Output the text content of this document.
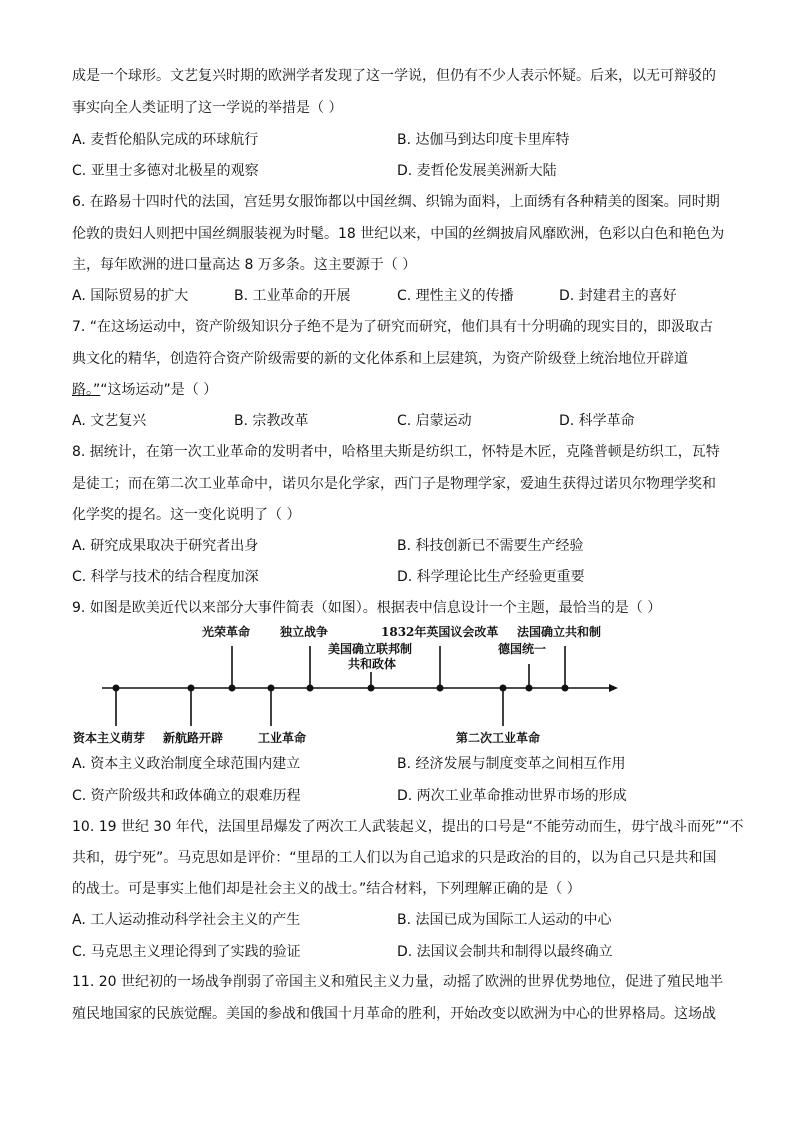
成是一个球形。文艺复兴时期的欧洲学者发现了这一学说，但仍有不少人表示怀疑。后来，以无可辩驳的
事实向全人类证明了这一学说的举措是（ ）
A. 麦哲伦船队完成的环球航行	B. 达伽马到达印度卡里库特
C. 亚里士多德对北极星的观察	D. 麦哲伦发展美洲新大陆
6. 在路易十四时代的法国，宫廷男女服饰都以中国丝绸、织锦为面料，上面绣有各种精美的图案。同时期
伦敦的贵妇人则把中国丝绸服装视为时髦。18 世纪以来，中国的丝绸披肩风靡欧洲，色彩以白色和艳色为
主，每年欧洲的进口量高达 8 万多条。这主要源于（ ）
A. 国际贸易的扩大	B. 工业革命的开展	C. 理性主义的传播	D. 封建君主的喜好
7. “在这场运动中，资产阶级知识分子绝不是为了研究而研究，他们具有十分明确的现实目的，即汲取古
典文化的精华，创造符合资产阶级需要的新的文化体系和上层建筑，为资产阶级登上统治地位开辟道
路。”“这场运动”是（ ）
A. 文艺复兴	B. 宗教改革	C. 启蒙运动	D. 科学革命
8. 据统计，在第一次工业革命的发明者中，哈格里夫斯是纺织工，怀特是木匠，克隆普顿是纺织工，瓦特
是徒工；而在第二次工业革命中，诺贝尔是化学家，西门子是物理学家，爱迪生获得过诺贝尔物理学奖和
化学奖的提名。这一变化说明了（ ）
A. 研究成果取决于研究者出身	B. 科技创新已不需要生产经验
C. 科学与技术的结合程度加深	D. 科学理论比生产经验更重要
9. 如图是欧美近代以来部分大事件简表（如图）。根据表中信息设计一个主题，最恰当的是（ ）
光荣革命 独立战争
美国确立联邦制
共和政体
1832年英国议会改革 法国确立共和制
德国统一
资本主义萌芽 新航路开辟	工业革命	第二次工业革命
A. 资本主义政治制度全球范围内建立	B. 经济发展与制度变革之间相互作用
C. 资产阶级共和政体确立的艰难历程	D. 两次工业革命推动世界市场的形成
10. 19 世纪 30 年代，法国里昂爆发了两次工人武装起义，提出的口号是“不能劳动而生，毋宁战斗而死”“不
共和，毋宁死”。马克思如是评价：“里昂的工人们以为自己追求的只是政治的目的，以为自己只是共和国
的战士。可是事实上他们却是社会主义的战士。”结合材料，下列理解正确的是（ ）
A. 工人运动推动科学社会主义的产生	B. 法国已成为国际工人运动的中心
C. 马克思主义理论得到了实践的验证	D. 法国议会制共和制得以最终确立
11. 20 世纪初的一场战争削弱了帝国主义和殖民主义力量，动摇了欧洲的世界优势地位，促进了殖民地半
殖民地国家的民族觉醒。美国的参战和俄国十月革命的胜利，开始改变以欧洲为中心的世界格局。这场战
